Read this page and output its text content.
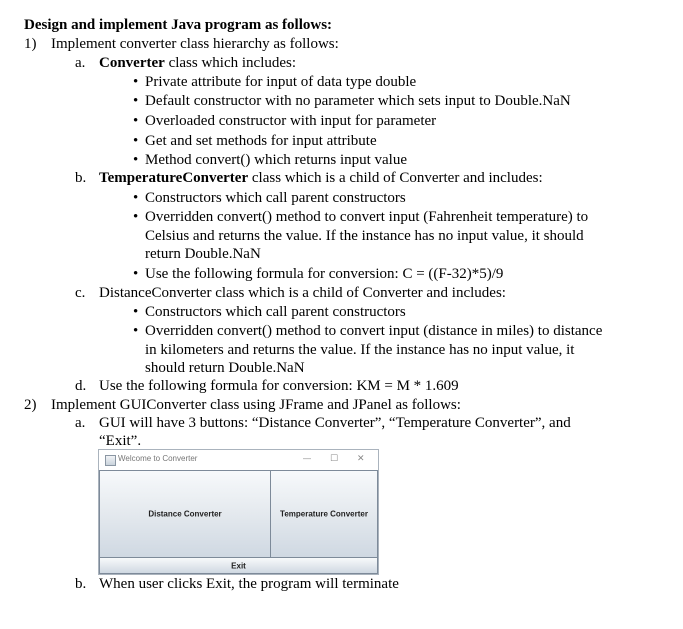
Design and implement Java program as follows:
1) Implement converter class hierarchy as follows:
a. Converter class which includes:
• Private attribute for input of data type double
• Default constructor with no parameter which sets input to Double.NaN
• Overloaded constructor with input for parameter
• Get and set methods for input attribute
• Method convert() which returns input value
b. TemperatureConverter class which is a child of Converter and includes:
• Constructors which call parent constructors
• Overridden convert() method to convert input (Fahrenheit temperature) to
Celsius and returns the value. If the instance has no input value, it should
return Double.NaN
• Use the following formula for conversion: C = ((F-32)*5)/9
c. DistanceConverter class which is a child of Converter and includes:
• Constructors which call parent constructors
• Overridden convert() method to convert input (distance in miles) to distance
in kilometers and returns the value. If the instance has no input value, it
should return Double.NaN
d. Use the following formula for conversion: KM = M * 1.609
2) Implement GUIConverter class using JFrame and JPanel as follows:
a. GUI will have 3 buttons: “Distance Converter”, “Temperature Converter”, and
“Exit”.
Welcome to Converter	— ☐ ✕
Distance Converter	Temperature Converter
Exit
b. When user clicks Exit, the program will terminate
